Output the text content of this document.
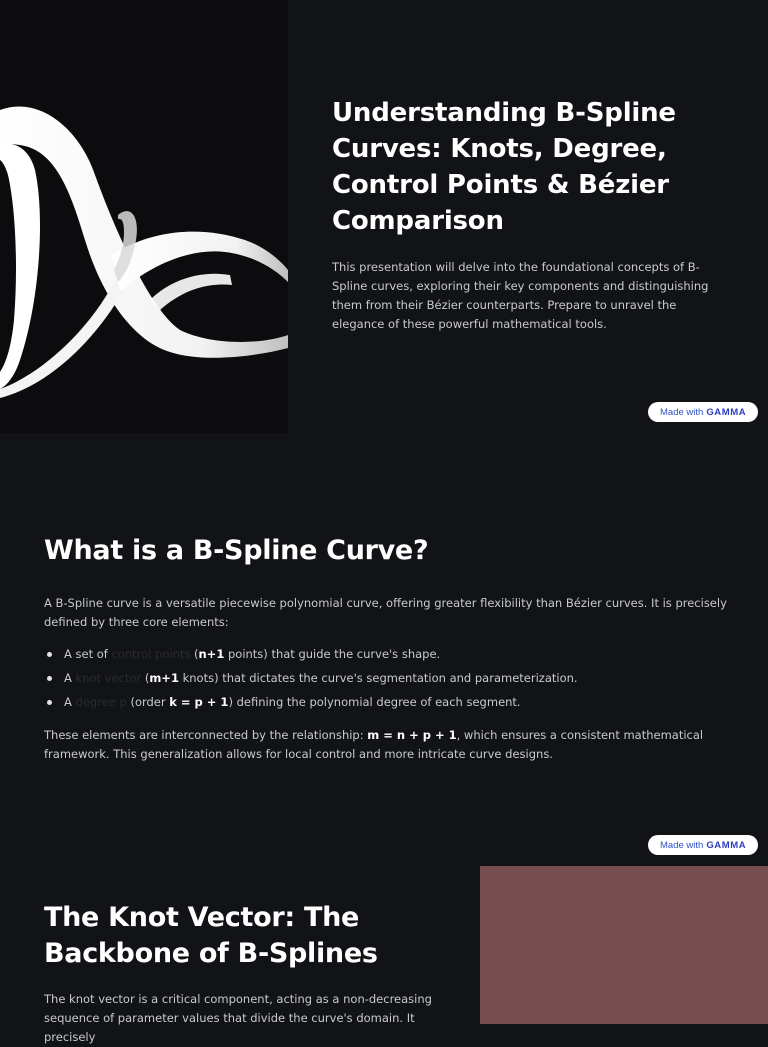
Understanding B-Spline Curves: Knots, Degree, Control Points & Bézier Comparison

This presentation will delve into the foundational concepts of B-Spline curves, exploring their key components and distinguishing them from their Bézier counterparts. Prepare to unravel the elegance of these powerful mathematical tools.

Made with GAMMA
What is a B-Spline Curve?

A B-Spline curve is a versatile piecewise polynomial curve, offering greater flexibility than Bézier curves. It is precisely defined by three core elements:

A set of control points (n+1 points) that guide the curve's shape.
A knot vector (m+1 knots) that dictates the curve's segmentation and parameterization.
A degree p (order k = p + 1) defining the polynomial degree of each segment.

These elements are interconnected by the relationship: m = n + p + 1, which ensures a consistent mathematical framework. This generalization allows for local control and more intricate curve designs.

Made with GAMMA
The Knot Vector: The Backbone of B-Splines

The knot vector is a critical component, acting as a non-decreasing sequence of parameter values that divide the curve's domain. It precisely
